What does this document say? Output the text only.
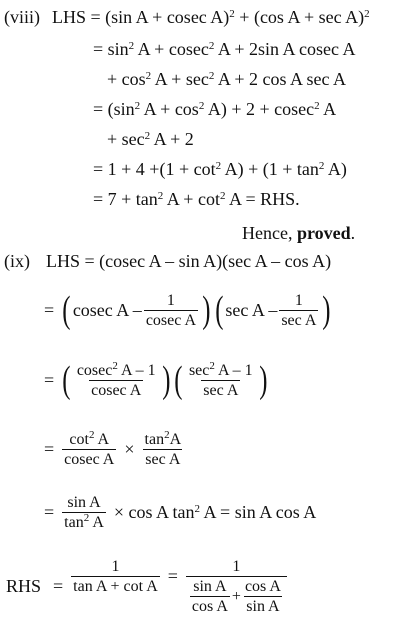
(viii) LHS = (sin A + cosec A)$^2$ + (cos A + sec A)$^2$
= $\sin^2 A + cosec^2$ A + 2sin A cosec A
+ $\cos^2 A + \sec^2 A + 2$ cos A sec A
= ($\sin^2$ $A + \cos^2 A) + 2 + cosec^2$ A
+ $\sec^2 A + 2$
= $1 + 4 +(1 + \cot^2 A) + (1 + \tan^2 A)$
= $7 + \tan^2 A + \cot^2 A$ = RHS.
Hence, proved.
(ix) LHS = (cosec A – sin A)(sec A – cos A)
= ( cosec A – $\frac{1}{\text{cosec A}}$ ) ( sec A – $\frac{1}{\text{sec A}}$ )
= ( $\frac{cosec^2 A - 1}{\text{cosec A}}$ ) ( $\frac{\sec^2 A - 1}{\text{sec A}}$ )
= $\frac{\cot^2 A}{\text{cosec A}} \times \frac{\tan^2A}{\text{sec A}}$
= $\frac{\text{sin A}}{\tan^2 A} \times \cos A$ $\tan^2 A = \sin A$ cos A
RHS = $\frac{1}{\text{tan A + cot A}}$ =	1
$\frac{\text{sin A}}{\text{cos A}} + \frac{\text{cos A}}{\text{sin A}}$
